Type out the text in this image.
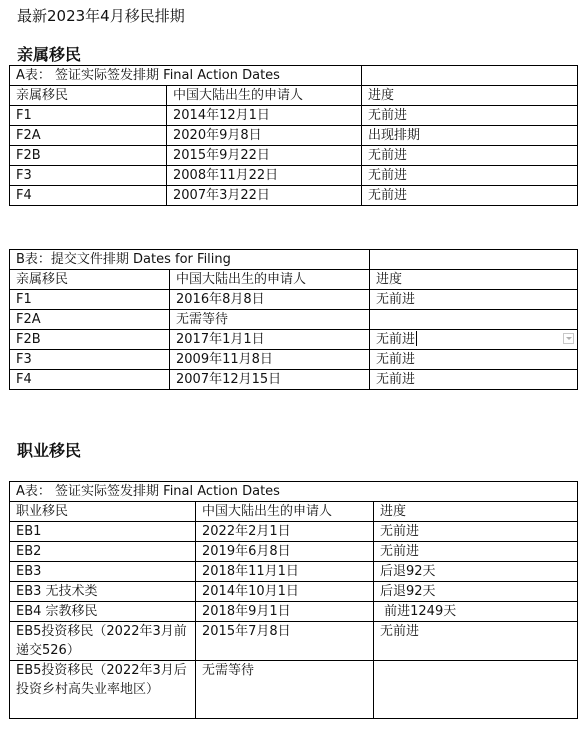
最新2023年4月移民排期
亲属移民
A表： 签证实际签发排期 Final Action Dates		
亲属移民	中国大陆出生的申请人	进度
F1	2014年12月1日	无前进
F2A	2020年9月8日	出现排期
F2B	2015年9月22日	无前进
F3	2008年11月22日	无前进
F4	2007年3月22日	无前进
B表：提交文件排期 Dates for Filing		
亲属移民	中国大陆出生的申请人	进度
F1	2016年8月8日	无前进
F2A	无需等待	
F2B	2017年1月1日	无前进

F3	2009年11月8日	无前进
F4	2007年12月15日	无前进
职业移民
A表： 签证实际签发排期 Final Action Dates		
职业移民	中国大陆出生的申请人	进度
EB1	2022年2月1日	无前进
EB2	2019年6月8日	无前进
EB3	2018年11月1日	后退92天
EB3 无技术类	2014年10月1日	后退92天
EB4 宗教移民	2018年9月1日	前进1249天
EB5投资移民（2022年3月前递交526）	2015年7月8日	无前进
EB5投资移民（2022年3月后投资乡村高失业率地区）	无需等待	
